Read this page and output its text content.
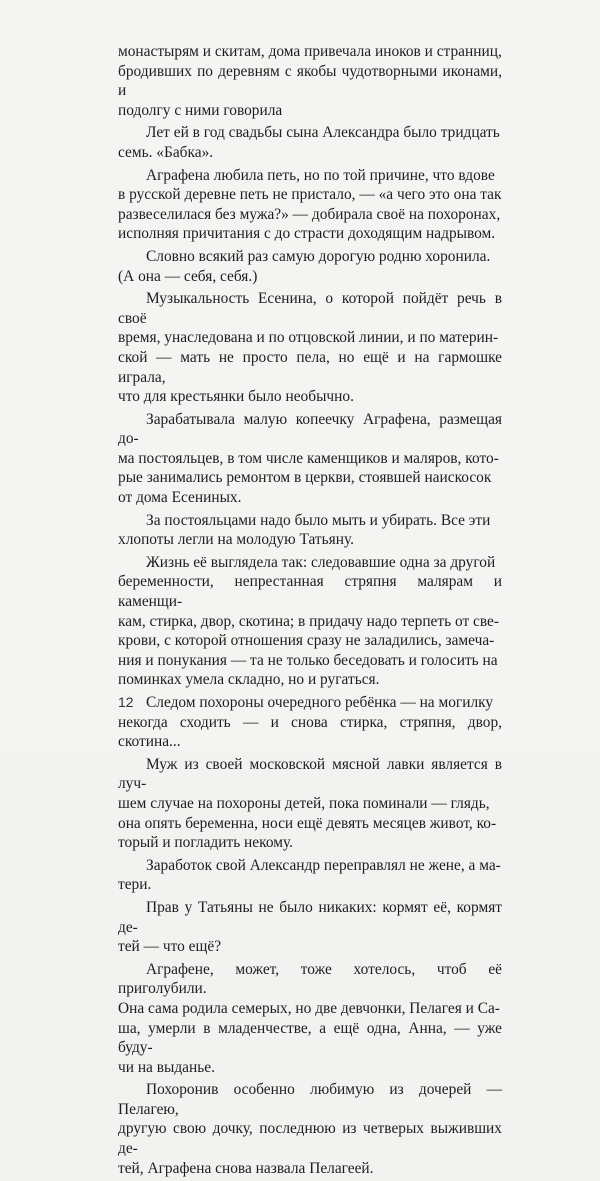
монастырям и скитам, дома привечала иноков и странниц,
бродивших по деревням с якобы чудотворными иконами, и
подолгу с ними говорила

Лет ей в год свадьбы сына Александра было тридцать
семь. «Бабка».

Аграфена любила петь, но по той причине, что вдове
в русской деревне петь не пристало, — «а чего это она так
развеселилася без мужа?» — добирала своё на похоронах,
исполняя причитания с до страсти доходящим надрывом.

Словно всякий раз самую дорогую родню хоронила.
(А она — себя, себя.)

Музыкальность Есенина, о которой пойдёт речь в своё
время, унаследована и по отцовской линии, и по материн-
ской — мать не просто пела, но ещё и на гармошке играла,
что для крестьянки было необычно.

Зарабатывала малую копеечку Аграфена, размещая до-
ма постояльцев, в том числе каменщиков и маляров, кото-
рые занимались ремонтом в церкви, стоявшей наискосок
от дома Есениных.

За постояльцами надо было мыть и убирать. Все эти
хлопоты легли на молодую Татьяну.

Жизнь её выглядела так: следовавшие одна за другой
беременности, непрестанная стряпня малярам и каменщи-
кам, стирка, двор, скотина; в придачу надо терпеть от све-
крови, с которой отношения сразу не заладились, замеча-
ния и понукания — та не только беседовать и голосить на
поминках умела складно, но и ругаться.

Следом похороны очередного ребёнка — на могилку
некогда сходить — и снова стирка, стряпня, двор, скотина...

Муж из своей московской мясной лавки является в луч-
шем случае на похороны детей, пока поминали — глядь,
она опять беременна, носи ещё девять месяцев живот, ко-
торый и погладить некому.

Заработок свой Александр переправлял не жене, а ма-
тери.

Прав у Татьяны не было никаких: кормят её, кормят де-
тей — что ещё?

Аграфене, может, тоже хотелось, чтоб её приголубили.
Она сама родила семерых, но две девчонки, Пелагея и Са-
ша, умерли в младенчестве, а ещё одна, Анна, — уже буду-
чи на выданье.

Похоронив особенно любимую из дочерей — Пелагею,
другую свою дочку, последнюю из четверых выживших де-
тей, Аграфена снова назвала Пелагеей.

12
